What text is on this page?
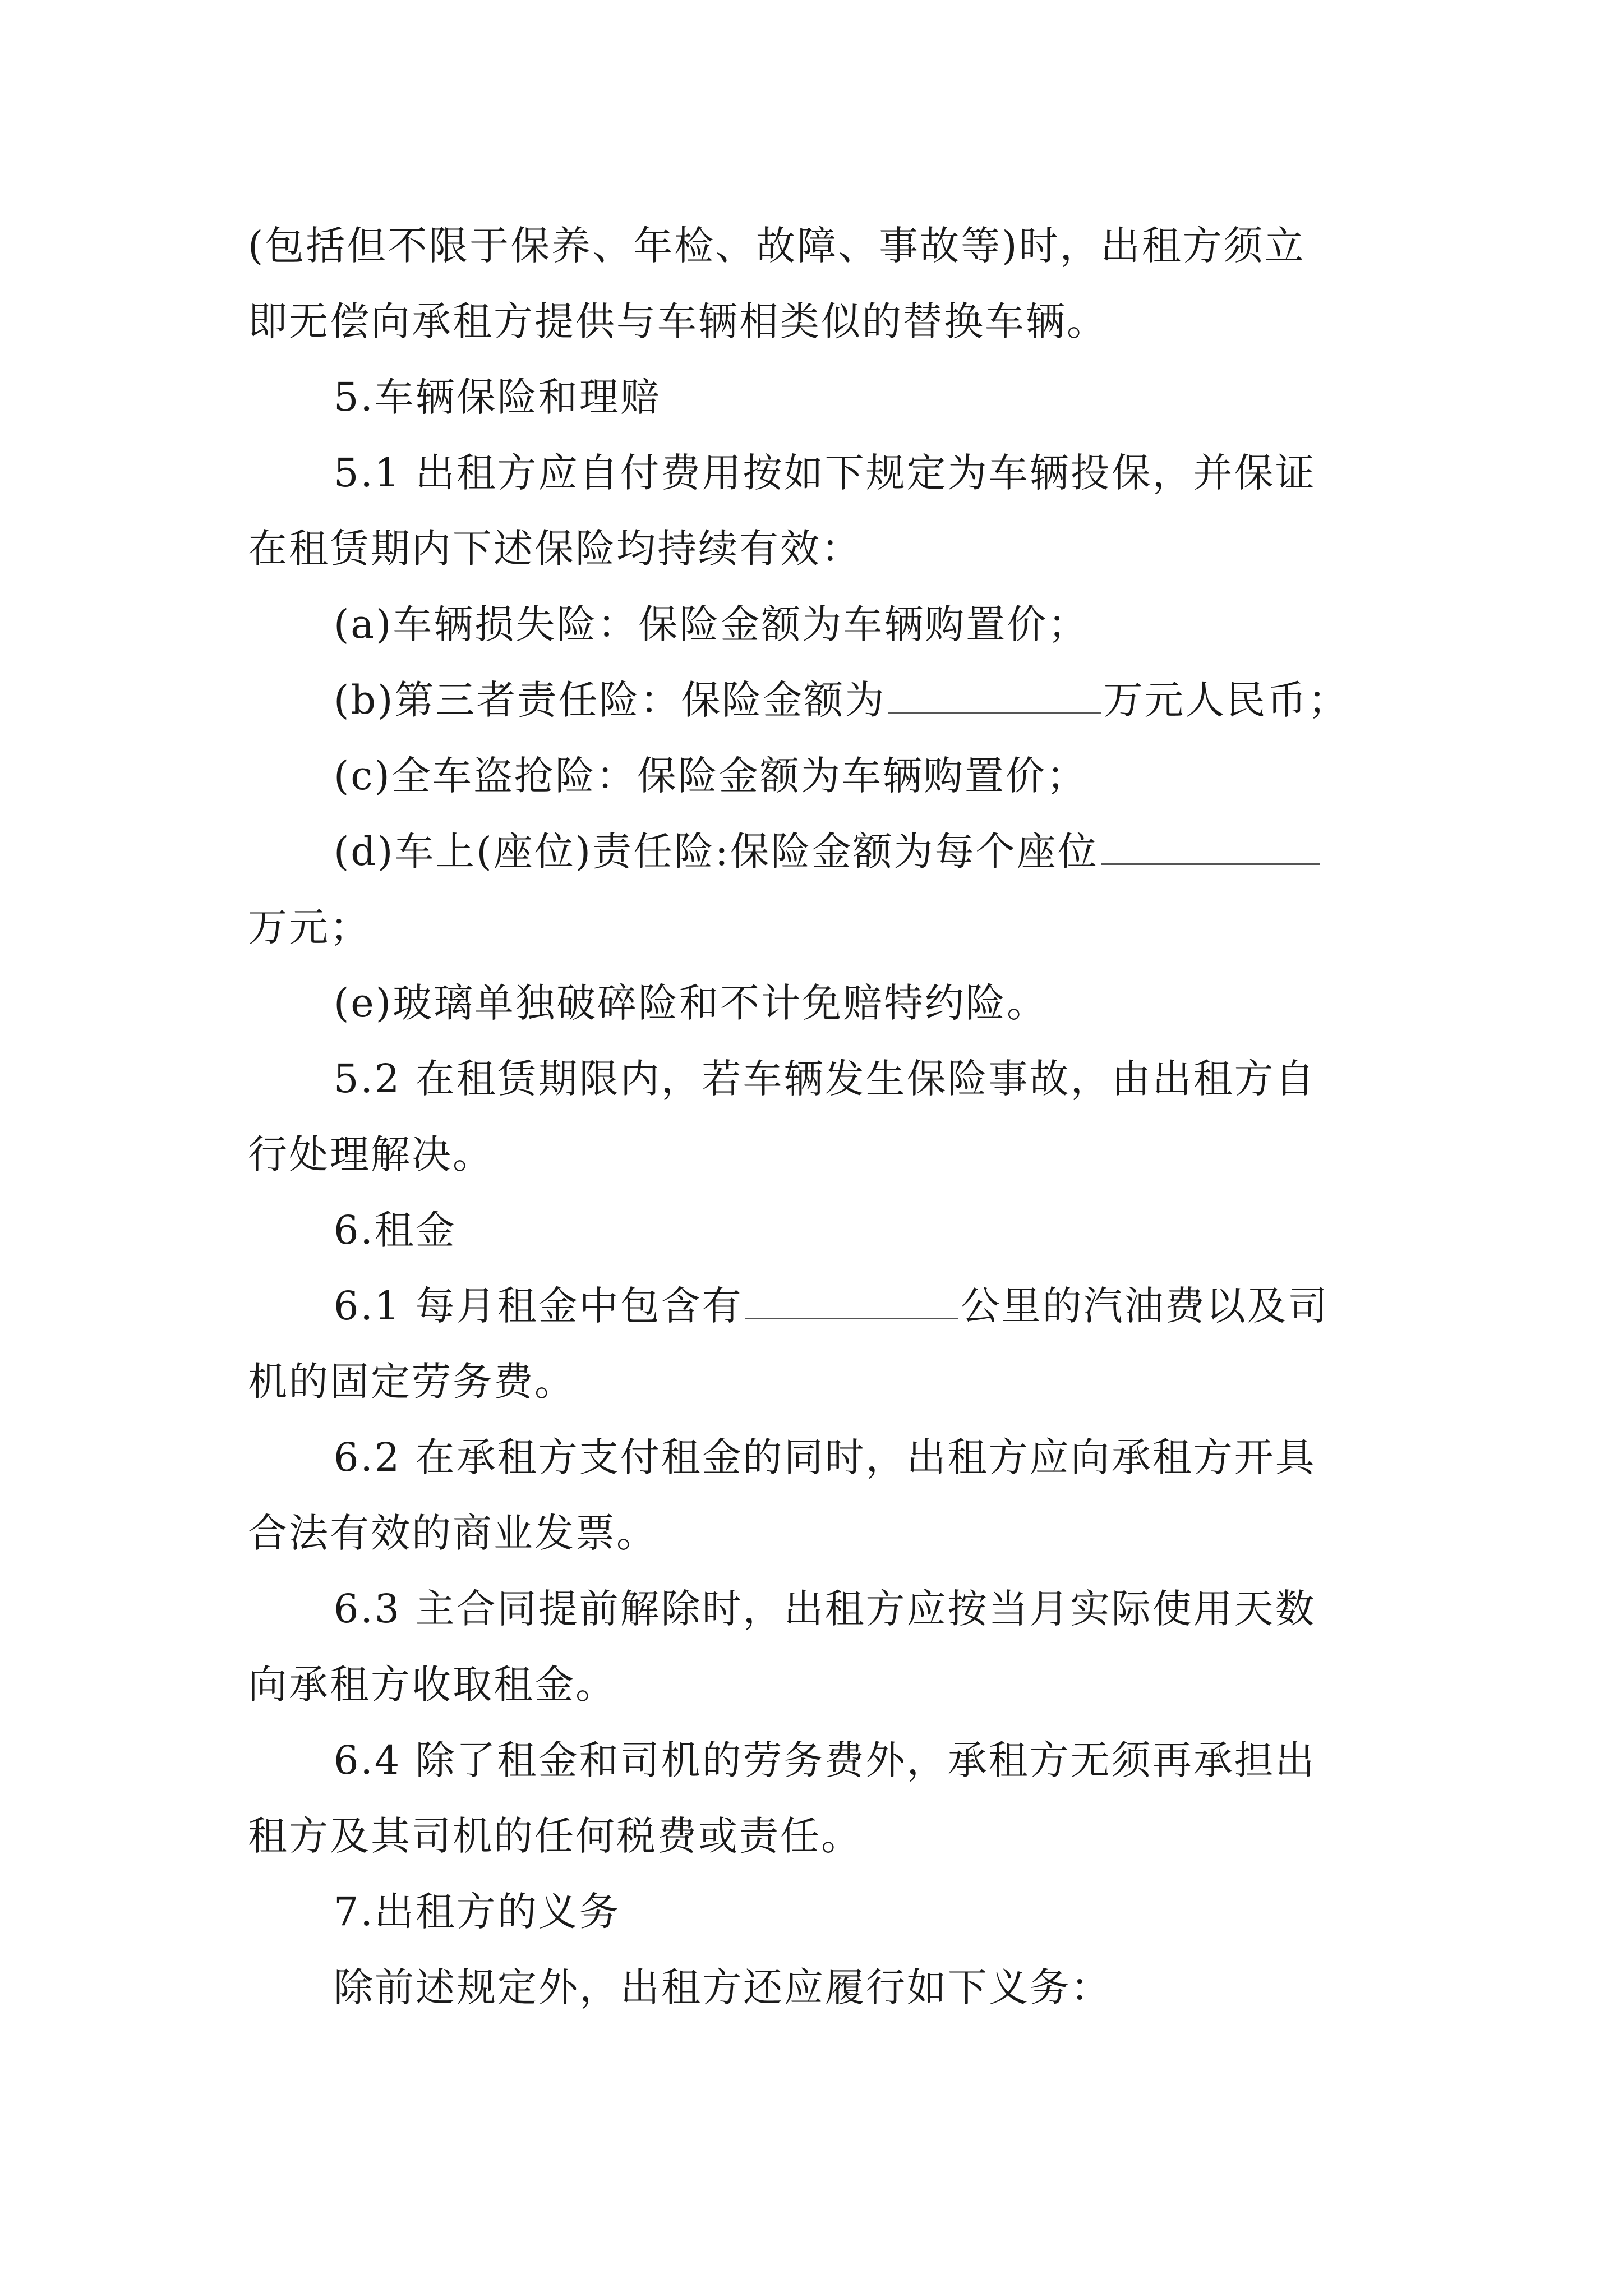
(包括但不限于保养、年检、故障、事故等)时，出租方须立
即无偿向承租方提供与车辆相类似的替换车辆。
5.车辆保险和理赔
5.1 出租方应自付费用按如下规定为车辆投保，并保证
在租赁期内下述保险均持续有效：
(a)车辆损失险：保险金额为车辆购置价；
(b)第三者责任险：保险金额为	万元人民币；
(c)全车盗抢险：保险金额为车辆购置价；
(d)车上(座位)责任险:保险金额为每个座位
万元；
(e)玻璃单独破碎险和不计免赔特约险。
5.2 在租赁期限内，若车辆发生保险事故，由出租方自
行处理解决。
6.租金
6.1 每月租金中包含有	公里的汽油费以及司
机的固定劳务费。
6.2 在承租方支付租金的同时，出租方应向承租方开具
合法有效的商业发票。
6.3 主合同提前解除时，出租方应按当月实际使用天数
向承租方收取租金。
6.4 除了租金和司机的劳务费外，承租方无须再承担出
租方及其司机的任何税费或责任。
7.出租方的义务
除前述规定外，出租方还应履行如下义务：
